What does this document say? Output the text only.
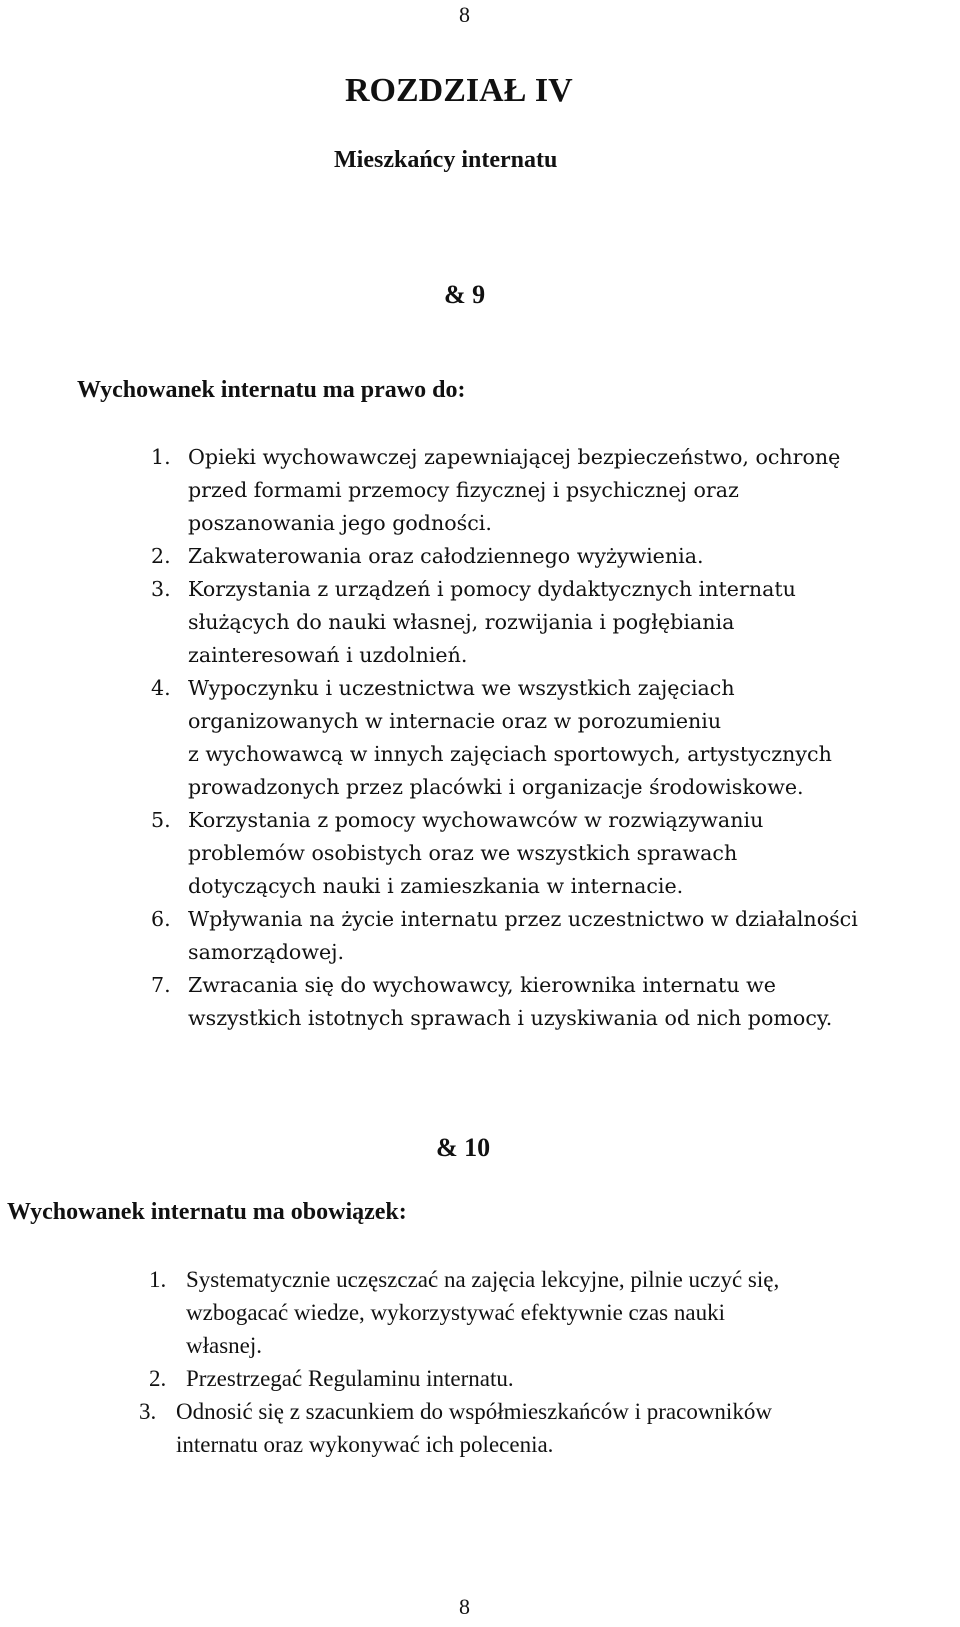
8
ROZDZIAŁ IV
Mieszkańcy internatu
& 9
Wychowanek internatu ma prawo do:
1. Opieki wychowawczej zapewniającej bezpieczeństwo, ochronę
przed formami przemocy fizycznej i psychicznej oraz
poszanowania jego godności.
2. Zakwaterowania oraz całodziennego wyżywienia.
3. Korzystania z urządzeń i pomocy dydaktycznych internatu
służących do nauki własnej, rozwijania i pogłębiania
zainteresowań i uzdolnień.
4. Wypoczynku i uczestnictwa we wszystkich zajęciach
organizowanych w internacie oraz w porozumieniu
z wychowawcą w innych zajęciach sportowych, artystycznych
prowadzonych przez placówki i organizacje środowiskowe.
5. Korzystania z pomocy wychowawców w rozwiązywaniu
problemów osobistych oraz we wszystkich sprawach
dotyczących nauki i zamieszkania w internacie.
6. Wpływania na życie internatu przez uczestnictwo w działalności
samorządowej.
7. Zwracania się do wychowawcy, kierownika internatu we
wszystkich istotnych sprawach i uzyskiwania od nich pomocy.
& 10
Wychowanek internatu ma obowiązek:
1. Systematycznie uczęszczać na zajęcia lekcyjne, pilnie uczyć się,
wzbogacać wiedze, wykorzystywać efektywnie czas nauki
własnej.
2. Przestrzegać Regulaminu internatu.
3. Odnosić się z szacunkiem do współmieszkańców i pracowników
internatu oraz wykonywać ich polecenia.
8
